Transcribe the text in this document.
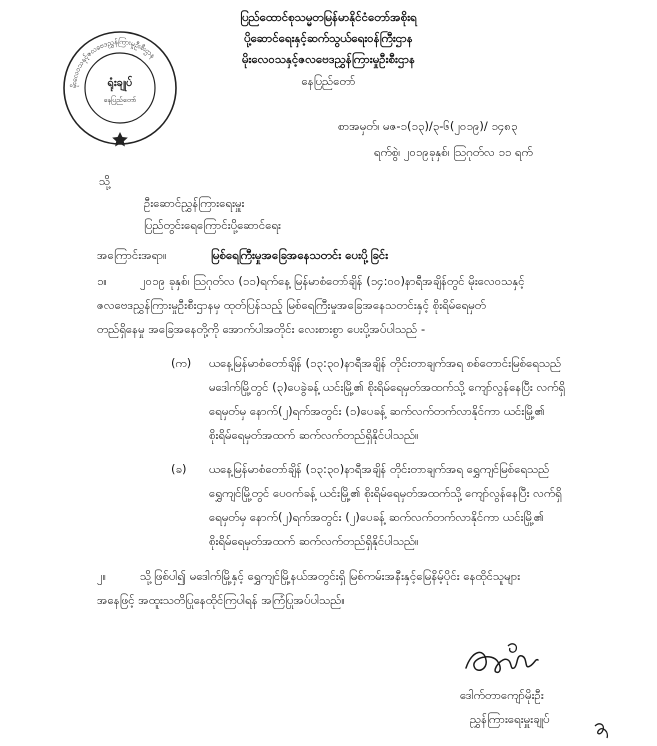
ပြည်ထောင်စုသမ္မတမြန်မာနိုင်ငံတော်အစိုးရ
ပို့ဆောင်ရေးနှင့်ဆက်သွယ်ရေးဝန်ကြီးဌာန
မိုးလေဝသနှင့်ဇလဗေဒညွှန်ကြားမှုဦးစီးဌာန
နေပြည်တော်
မိုးလေဝသနှင့်ဇလဗေဒညွှန်ကြားမှုဦးစီးဌာန
ရုံးချုပ်
နေပြည်တော်
စာအမှတ်၊ မဇ-၁(၁၃)/၃-၆(၂၀၁၉)/ ၁၄၈၃
ရက်စွဲ၊ ၂၀၁၉ခုနှစ်၊ ဩဂုတ်လ ၁၁ ရက်
သို့
ဦးဆောင်ညွှန်ကြားရေးမှူး
ပြည်တွင်းရေကြောင်းပို့ဆောင်ရေး
အကြောင်းအရာ။	မြစ်ရေကြီးမှုအခြေအနေသတင်း ပေးပို့ခြင်း
၁။	၂၀၁၉ ခုနှစ်၊ ဩဂုတ်လ (၁၁)ရက်နေ့ မြန်မာစံတော်ချိန် (၁၄:၀၀)နာရီအချိန်တွင် မိုးလေဝသနှင့်
ဇလဗေဒညွှန်ကြားမှုဦးစီးဌာနမှ ထုတ်ပြန်သည့် မြစ်ရေကြီးမှုအခြေအနေသတင်းနှင့် စိုးရိမ်ရေမှတ်
တည်ရှိနေမှု အခြေအနေတို့ကို အောက်ပါအတိုင်း လေးစားစွာ ပေးပို့အပ်ပါသည် -
(က) ယနေ့မြန်မာစံတော်ချိန် (၁၃:၃၀)နာရီအချိန် တိုင်းတာချက်အရ စစ်တောင်းမြစ်ရေသည်
မဒေါက်မြို့တွင် (၃)ပေခွဲခန့် ယင်းမြို့၏ စိုးရိမ်ရေမှတ်အထက်သို့ ကျော်လွန်နေပြီး လက်ရှိ
ရေမှတ်မှ နောက်(၂)ရက်အတွင်း (၁)ပေခန့် ဆက်လက်တက်လာနိုင်ကာ ယင်းမြို့၏
စိုးရိမ်ရေမှတ်အထက် ဆက်လက်တည်ရှိနိုင်ပါသည်။
(ခ) ယနေ့မြန်မာစံတော်ချိန် (၁၃:၃၀)နာရီအချိန် တိုင်းတာချက်အရ ရွှေကျင်မြစ်ရေသည်
ရွှေကျင်မြို့တွင် ပေ၀က်ခန့် ယင်းမြို့၏ စိုးရိမ်ရေမှတ်အထက်သို့ ကျော်လွန်နေပြီး လက်ရှိ
ရေမှတ်မှ နောက်(၂)ရက်အတွင်း (၂)ပေခန့် ဆက်လက်တက်လာနိုင်ကာ ယင်းမြို့၏
စိုးရိမ်ရေမှတ်အထက် ဆက်လက်တည်ရှိနိုင်ပါသည်။
၂။	သို့ဖြစ်ပါ၍ မဒေါက်မြို့နှင့် ရွှေကျင်မြို့နယ်အတွင်းရှိ မြစ်ကမ်းအနီးနှင့်မြေနိမ့်ပိုင်း နေထိုင်သူများ
အနေဖြင့် အထူးသတိပြုနေထိုင်ကြပါရန် အကြံပြုအပ်ပါသည်။
ဒေါက်တာကျော်မိုးဦး
ညွှန်ကြားရေးမှူးချုပ်
